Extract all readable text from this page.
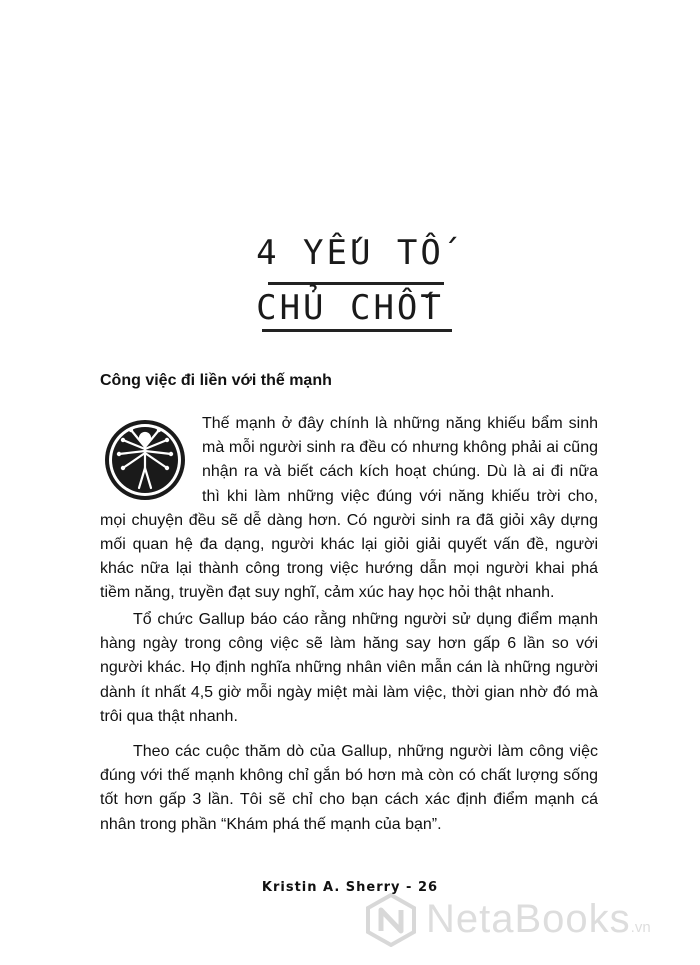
4 YẾU TỐ
CHỦ CHỐT
Công việc đi liền với thế mạnh

Thế mạnh ở đây chính là những năng khiếu bẩm sinh mà mỗi người sinh ra đều có nhưng không phải ai cũng nhận ra và biết cách kích hoạt chúng. Dù là ai đi nữa thì khi làm những việc đúng với năng khiếu trời cho, mọi chuyện đều sẽ dễ dàng hơn. Có người sinh ra đã giỏi xây dựng mối quan hệ đa dạng, người khác lại giỏi giải quyết vấn đề, người khác nữa lại thành công trong việc hướng dẫn mọi người khai phá tiềm năng, truyền đạt suy nghĩ, cảm xúc hay học hỏi thật nhanh.

Tổ chức Gallup báo cáo rằng những người sử dụng điểm mạnh hàng ngày trong công việc sẽ làm hăng say hơn gấp 6 lần so với người khác. Họ định nghĩa những nhân viên mẫn cán là những người dành ít nhất 4,5 giờ mỗi ngày miệt mài làm việc, thời gian nhờ đó mà trôi qua thật nhanh.

Theo các cuộc thăm dò của Gallup, những người làm công việc đúng với thế mạnh không chỉ gắn bó hơn mà còn có chất lượng sống tốt hơn gấp 3 lần. Tôi sẽ chỉ cho bạn cách xác định điểm mạnh cá nhân trong phần “Khám phá thế mạnh của bạn”.

Kristin A. Sherry - 26
NetaBooks.vn
